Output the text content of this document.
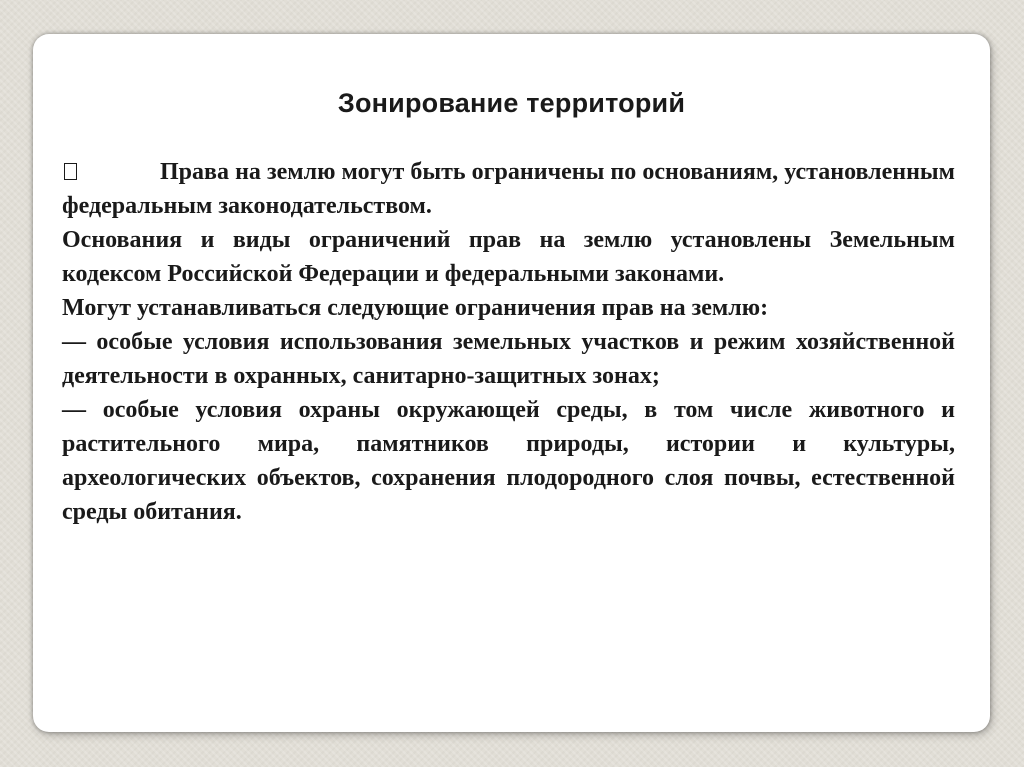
Зонирование территорий

Права на землю могут быть ограничены по основаниям, установленным федеральным законодательством.

Основания и виды ограничений прав на землю установлены Земельным кодексом Российской Федерации и федеральными законами.

Могут устанавливаться следующие ограничения прав на землю:

— особые условия использования земельных участков и режим хозяйственной деятельности в охранных, санитарно-защитных зонах;

— особые условия охраны окружающей среды, в том числе животного и растительного мира, памятников природы, истории и культуры, археологических объектов, сохранения плодородного слоя почвы, естественной среды обитания.
